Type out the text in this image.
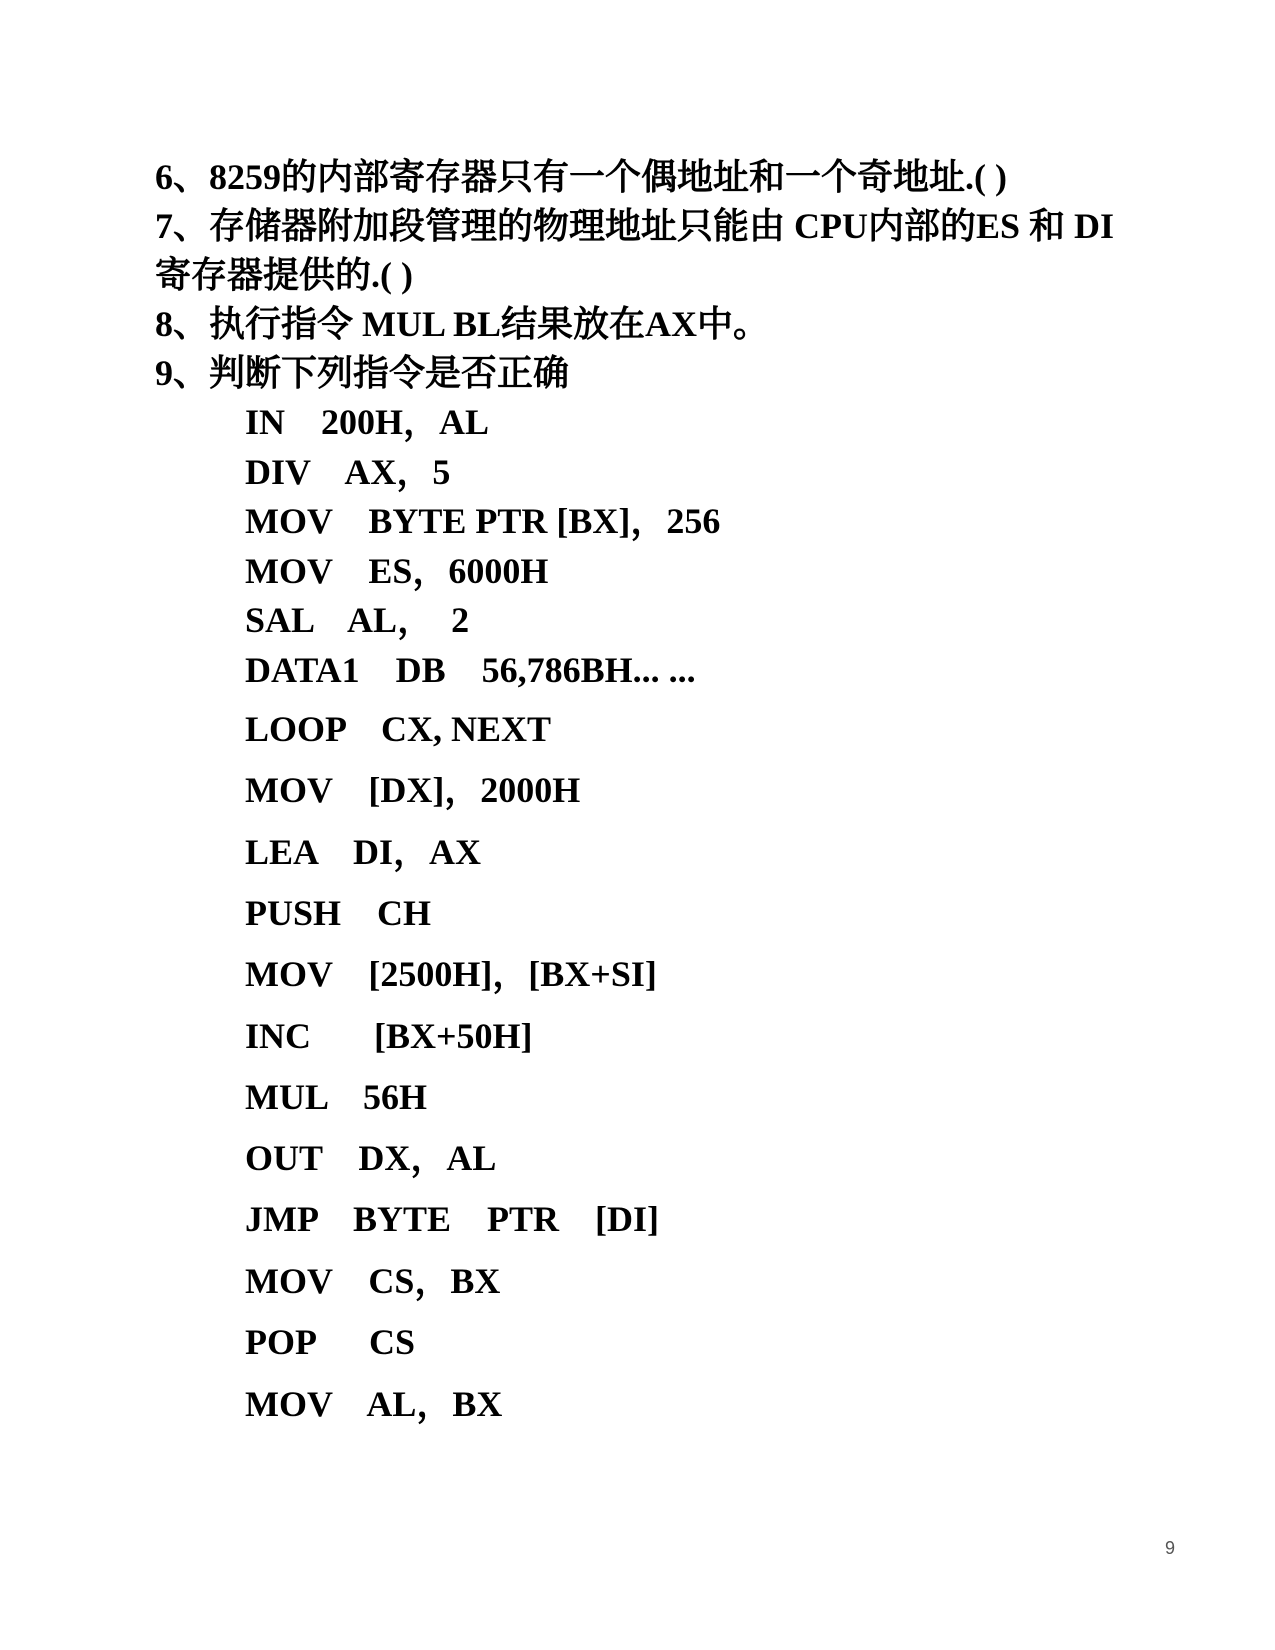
6、8259的内部寄存器只有一个偶地址和一个奇地址.( )
7、存储器附加段管理的物理地址只能由 CPU内部的ES 和 DI
寄存器提供的.( )
8、执行指令 MUL BL结果放在AX中。
9、判断下列指令是否正确
IN    200H，AL
DIV    AX，5
MOV    BYTE PTR [BX]，256
MOV    ES，6000H
SAL    AL，  2
DATA1    DB    56,786BH... ...
LOOP    CX, NEXT
MOV    [DX]，2000H
LEA    DI，AX
PUSH    CH
MOV    [2500H]，[BX+SI]
INC       [BX+50H]
MUL    56H
OUT    DX，AL
JMP    BYTE    PTR    [DI]
MOV    CS，BX
POP      CS
MOV    AL，BX
9
